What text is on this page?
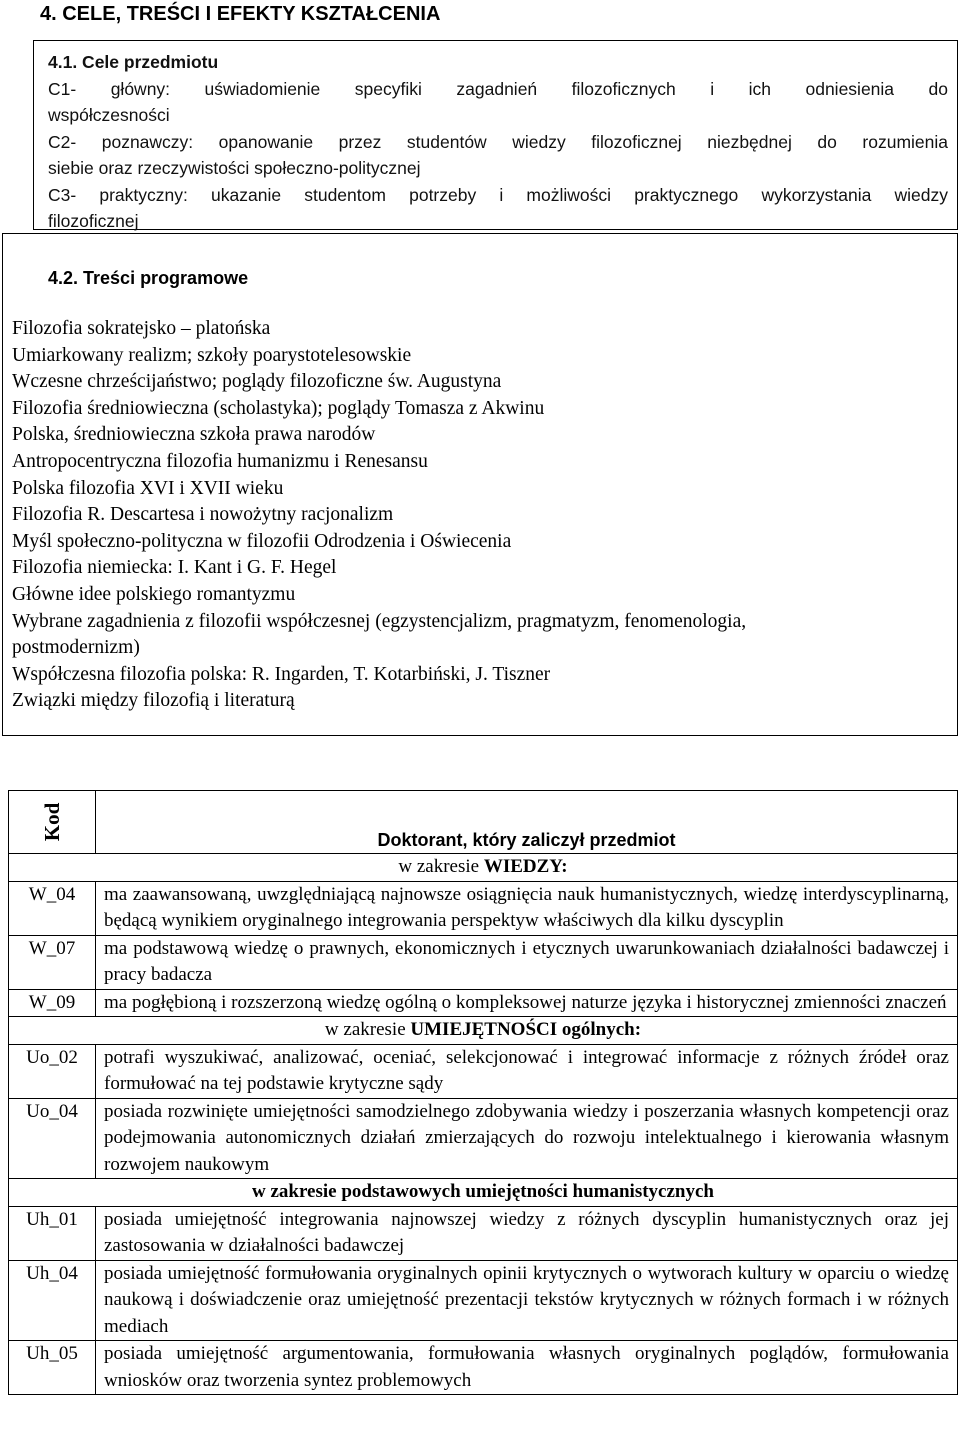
4. CELE, TREŚCI I EFEKTY KSZTAŁCENIA
4.1. Cele przedmiotu
C1- główny: uświadomienie specyfiki zagadnień filozoficznych i ich odniesienia do
współczesności
C2- poznawczy: opanowanie przez studentów wiedzy filozoficznej niezbędnej do rozumienia
siebie oraz rzeczywistości społeczno-politycznej
C3- praktyczny: ukazanie studentom potrzeby i możliwości praktycznego wykorzystania wiedzy
filozoficznej
4.2. Treści programowe
Filozofia sokratejsko – platońska
Umiarkowany realizm; szkoły poarystotelesowskie
Wczesne chrześcijaństwo; poglądy filozoficzne św. Augustyna
Filozofia średniowieczna (scholastyka); poglądy Tomasza z Akwinu
Polska, średniowieczna szkoła prawa narodów
Antropocentryczna filozofia humanizmu i Renesansu
Polska filozofia XVI i XVII wieku
Filozofia R. Descartesa i nowożytny racjonalizm
Myśl społeczno-polityczna w filozofii Odrodzenia i Oświecenia
Filozofia niemiecka: I. Kant i G. F. Hegel
Główne idee polskiego romantyzmu
Wybrane zagadnienia z filozofii współczesnej (egzystencjalizm, pragmatyzm, fenomenologia,
postmodernizm)
Współczesna filozofia polska: R. Ingarden, T. Kotarbiński, J. Tiszner
Związki między filozofią i literaturą
Kod	Doktorant, który zaliczył przedmiot
w zakresie WIEDZY:	
W_04	ma zaawansowaną, uwzględniającą najnowsze osiągnięcia nauk humanistycznych, wiedzę interdyscyplinarną, będącą wynikiem oryginalnego integrowania perspektyw właściwych dla kilku dyscyplin
W_07	ma podstawową wiedzę o prawnych, ekonomicznych i etycznych uwarunkowaniach działalności badawczej i pracy badacza
W_09	ma pogłębioną i rozszerzoną wiedzę ogólną o kompleksowej naturze języka i historycznej zmienności znaczeń
w zakresie UMIEJĘTNOŚCI ogólnych:	
Uo_02	potrafi wyszukiwać, analizować, oceniać, selekcjonować i integrować informacje z różnych źródeł oraz formułować na tej podstawie krytyczne sądy
Uo_04	posiada rozwinięte umiejętności samodzielnego zdobywania wiedzy i poszerzania własnych kompetencji oraz podejmowania autonomicznych działań zmierzających do rozwoju intelektualnego i kierowania własnym rozwojem naukowym
w zakresie podstawowych umiejętności humanistycznych	
Uh_01	posiada umiejętność integrowania najnowszej wiedzy z różnych dyscyplin humanistycznych oraz jej zastosowania w działalności badawczej
Uh_04	posiada umiejętność formułowania oryginalnych opinii krytycznych o wytworach kultury w oparciu o wiedzę naukową i doświadczenie oraz umiejętność prezentacji tekstów krytycznych w różnych formach i w różnych mediach
Uh_05	posiada umiejętność argumentowania, formułowania własnych oryginalnych poglądów, formułowania wniosków oraz tworzenia syntez problemowych
